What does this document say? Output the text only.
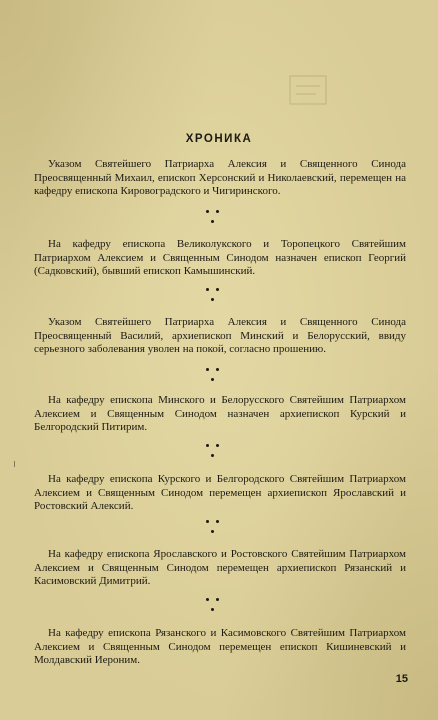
ХРОНИКА

Указом Святейшего Патриарха Алексия и Священного Синода Преосвященный Михаил, епископ Херсонский и Николаевский, перемещен на кафедру епископа Кировоградского и Чигиринского.

На кафедру епископа Великолукского и Торопецкого Святейшим Патриархом Алексием и Священным Синодом назначен епископ Георгий (Садковский), бывший епископ Камышинский.

Указом Святейшего Патриарха Алексия и Священного Синода Преосвященный Василий, архиепископ Минский и Белорусский, ввиду серьезного заболевания уволен на покой, согласно прошению.

На кафедру епископа Минского и Белорусского Святейшим Патриархом Алексием и Священным Синодом назначен архиепископ Курский и Белгородский Питирим.

На кафедру епископа Курского и Белгородского Святейшим Патриархом Алексием и Священным Синодом перемещен архиепископ Ярославский и Ростовский Алексий.

На кафедру епископа Ярославского и Ростовского Святейшим Патриархом Алексием и Священным Синодом перемещен архиепископ Рязанский и Касимовский Димитрий.

На кафедру епископа Рязанского и Касимовского Святейшим Патриархом Алексием и Священным Синодом перемещен епископ Кишиневский и Молдавский Иероним.

15
